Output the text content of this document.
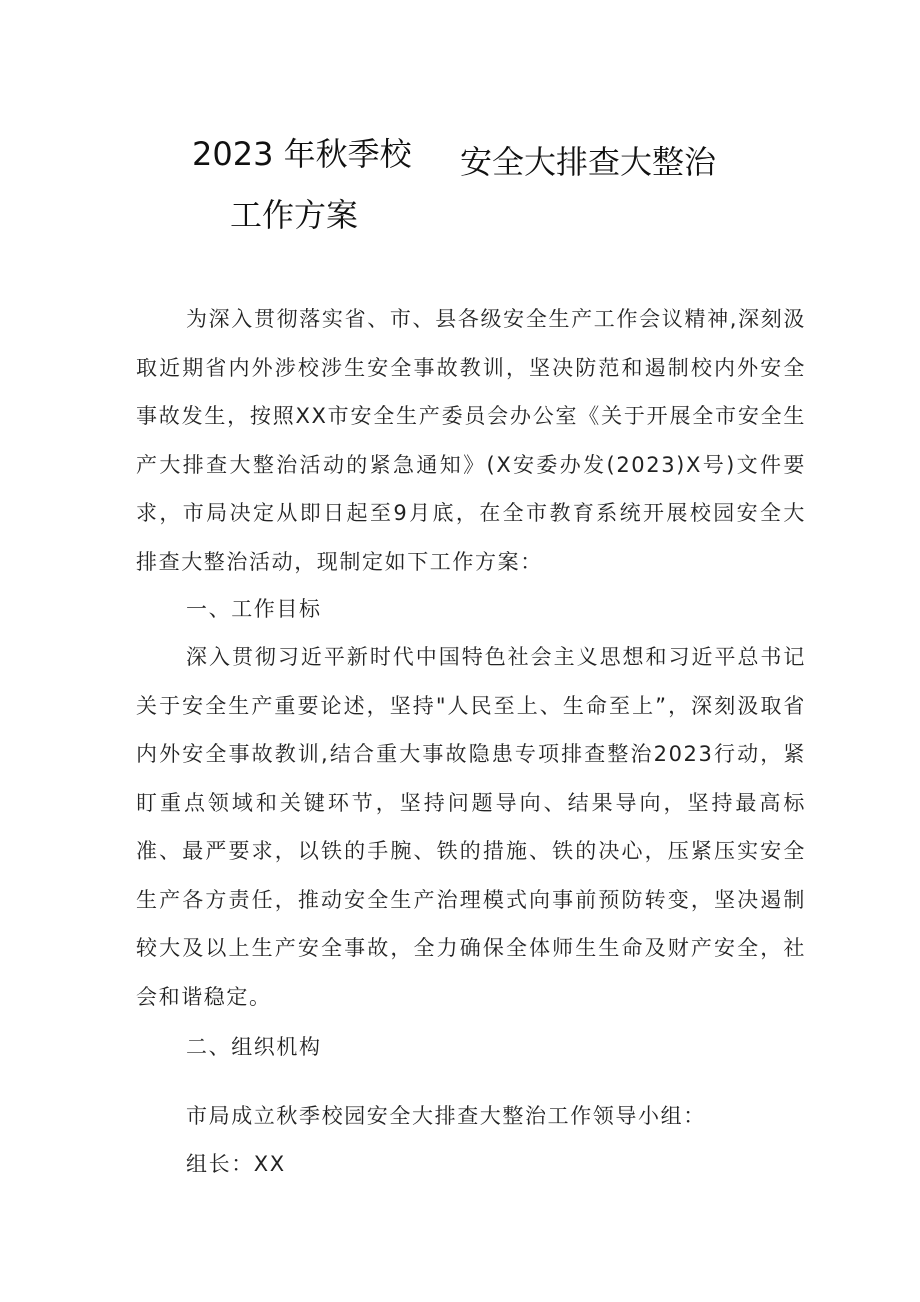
2023 年秋季校 安全大排查大整治
工作方案
为深入贯彻落实省、市、县各级安全生产工作会议精神,深刻汲取近期省内外涉校涉生安全事故教训，坚决防范和遏制校内外安全事故发生，按照XX市安全生产委员会办公室《关于开展全市安全生产大排查大整治活动的紧急通知》(X安委办发(2023)X号)文件要求，市局决定从即日起至9月底，在全市教育系统开展校园安全大排查大整治活动，现制定如下工作方案：
一、工作目标
深入贯彻习近平新时代中国特色社会主义思想和习近平总书记关于安全生产重要论述，坚持"人民至上、生命至上”，深刻汲取省内外安全事故教训,结合重大事故隐患专项排查整治2023行动，紧盯重点领域和关键环节，坚持问题导向、结果导向，坚持最高标准、最严要求，以铁的手腕、铁的措施、铁的决心，压紧压实安全生产各方责任，推动安全生产治理模式向事前预防转变，坚决遏制较大及以上生产安全事故，全力确保全体师生生命及财产安全，社会和谐稳定。
二、组织机构
市局成立秋季校园安全大排查大整治工作领导小组：
组长：XX
